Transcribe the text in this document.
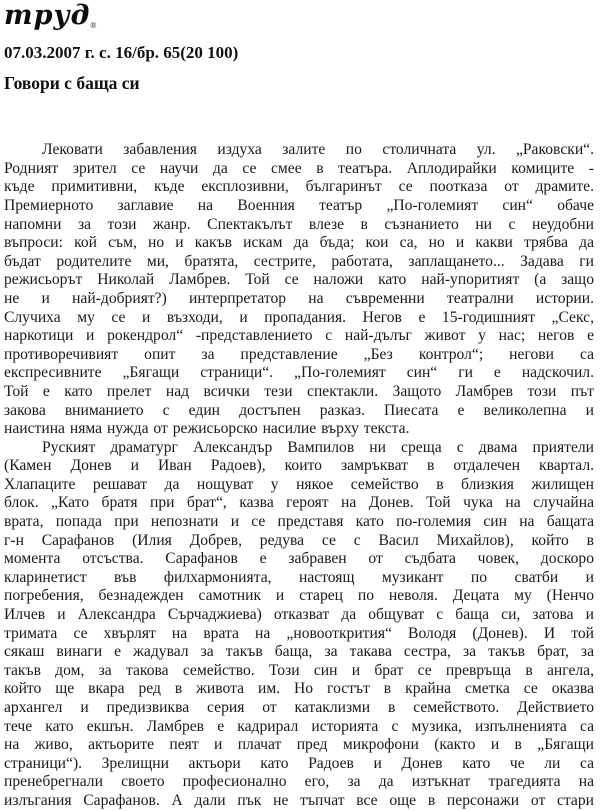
труд$_®$
07.03.2007 г. с. 16/бр. 65(20 100)
Говори с баща си
Лековати забавления издуха залите по столичната ул. „Раковски“.
Родният зрител се научи да се смее в театъра. Аплодирайки комиците -
къде примитивни, къде експлозивни, българинът се поотказа от драмите.
Премиерното заглавие на Военния театър „По-големият син“ обаче
напомни за този жанр. Спектакълът влезе в съзнанието ни с неудобни
въпроси: кой съм, но и какъв искам да бъда; кои са, но и какви трябва да
бъдат родителите ми, братята, сестрите, работата, заплащането... Задава ги
режисьорът Николай Ламбрев. Той се наложи като най-упоритият (а защо
не и най-добрият?) интерпретатор на съвременни театрални истории.
Случиха му се и възходи, и пропадания. Негов е 15-годишният „Секс,
наркотици и рокендрол“ -представлението с най-дълъг живот у нас; негов е
противоречивият опит за представление „Без контрол“; негови са
експресивните „Бягащи страници“. „По-големият син“ ги е надскочил.
Той е като прелет над всички тези спектакли. Защото Ламбрев този път
закова вниманието с един достъпен разказ. Пиесата е великолепна и
наистина няма нужда от режисьорско насилие върху текста.
Руският драматург Александър Вампилов ни среща с двама приятели
(Камен Донев и Иван Радоев), които замръкват в отдалечен квартал.
Хлапаците решават да нощуват у някое семейство в близкия жилищен
блок. „Като братя при брат“, казва героят на Донев. Той чука на случайна
врата, попада при непознати и се представя като по-големия син на бащата
г-н Сарафанов (Илия Добрев, редува се с Васил Михайлов), който в
момента отсъства. Сарафанов е забравен от съдбата човек, доскоро
кларинетист във филхармонията, настоящ музикант по сватби и
погребения, безнадежден самотник и старец по неволя. Децата му (Ненчо
Илчев и Александра Сърчаджиева) отказват да общуват с баща си, затова и
тримата се хвърлят на врата на „новооткрития“ Володя (Донев). И той
сякаш винаги е жадувал за такъв баща, за такава сестра, за такъв брат, за
такъв дом, за такова семейство. Този син и брат се превръща в ангела,
който ще вкара ред в живота им. Но гостът в крайна сметка се оказва
архангел и предизвиква серия от катаклизми в семейството. Действието
тече като екшън. Ламбрев е кадрирал историята с музика, изпълненията са
на живо, актьорите пеят и плачат пред микрофони (както и в „Бягащи
страници“). Зрелищни актьори като Радоев и Донев като че ли са
пренебрегнали своето професионално его, за да изтъкнат трагедията на
излъгания Сарафанов. А дали пък не тъпчат все още в персонажи от стари
